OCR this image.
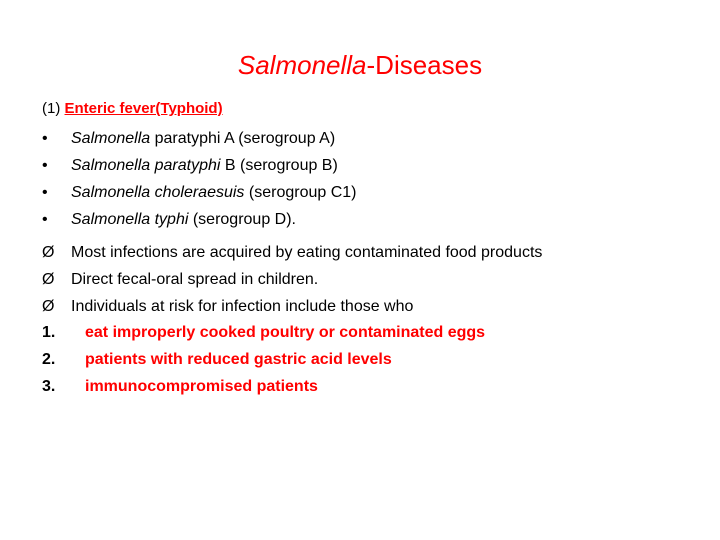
Salmonella-Diseases
(1) Enteric fever(Typhoid)
•	Salmonella paratyphi A (serogroup A)
•	Salmonella paratyphi B (serogroup B)
•	Salmonella choleraesuis (serogroup C1)
•	Salmonella typhi (serogroup D).
Ø	Most infections are acquired by eating contaminated food products
Ø	Direct fecal-oral spread in children.
Ø	Individuals at risk for infection include those who
1.	eat improperly cooked poultry or contaminated eggs
2.	patients with reduced gastric acid levels
3.	immunocompromised patients
